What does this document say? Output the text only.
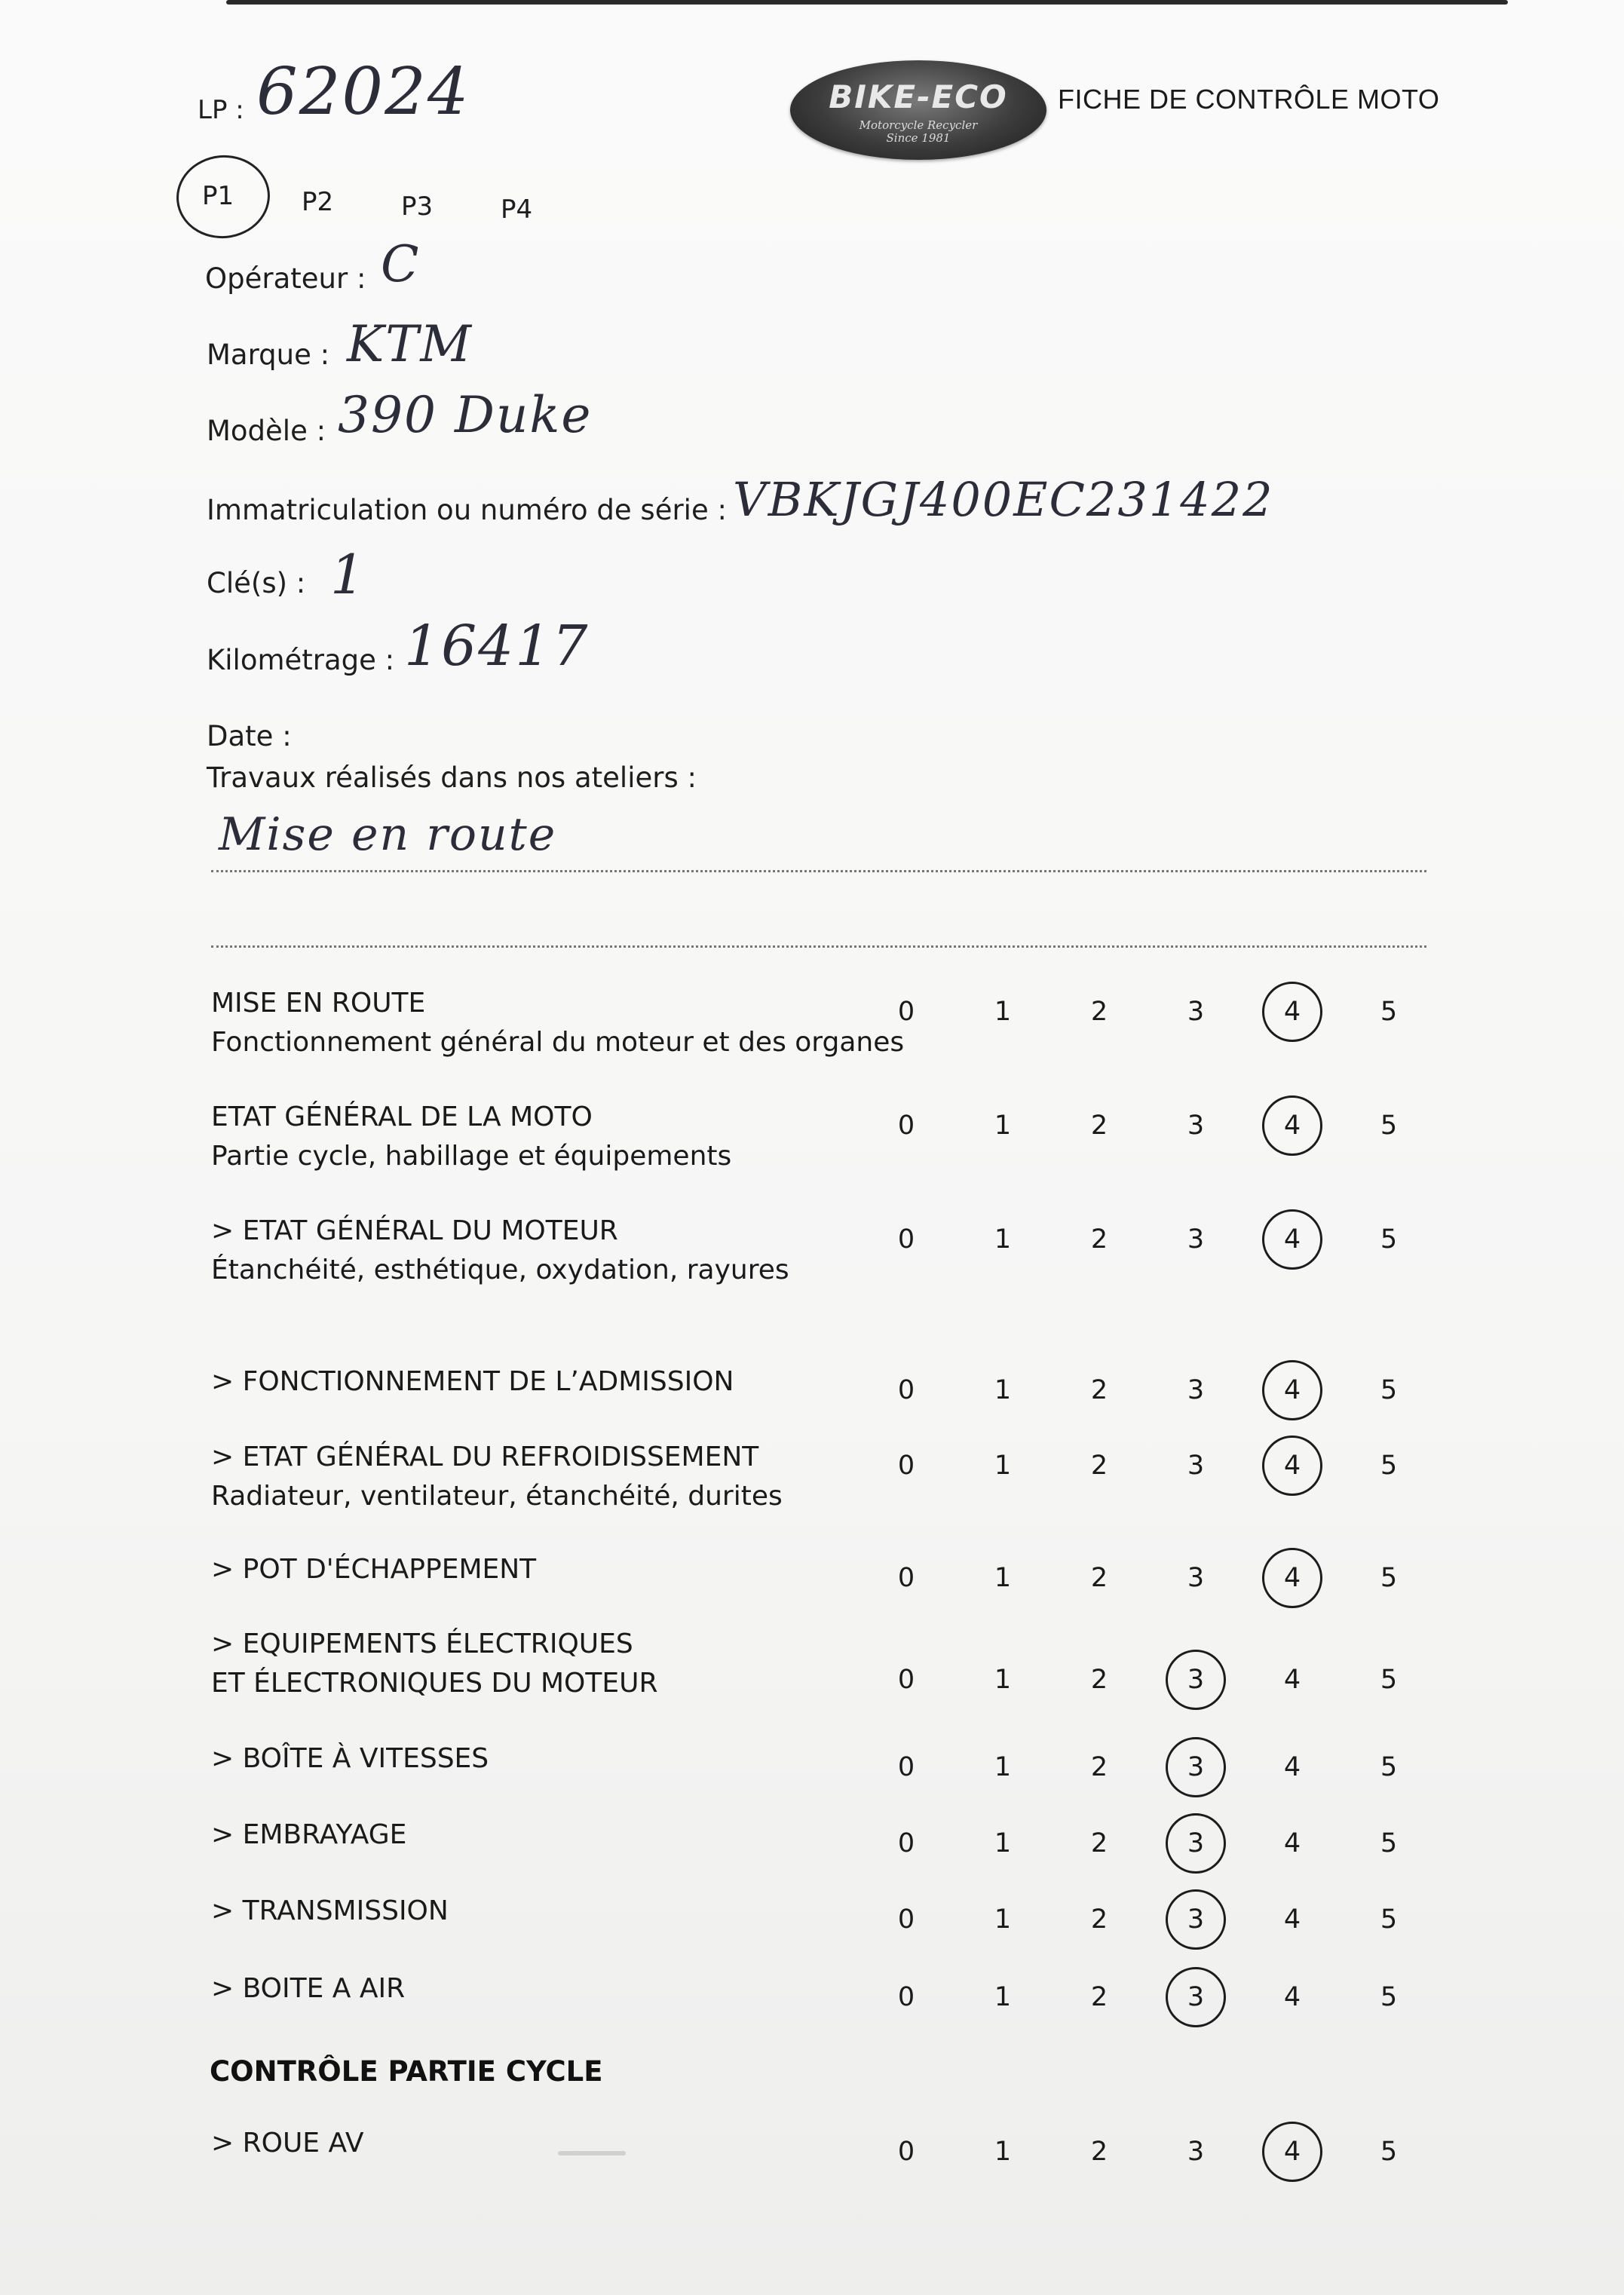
LP : 62024	BIKE-ECO
Motorcycle Recycler
Since 1981
FICHE DE CONTRÔLE MOTO
P1	P2	P3	P4
Opérateur : C
Marque : KTM
Modèle : 390 Duke
Immatriculation ou numéro de série : VBKJGJ400EC231422
Clé(s) : 1
Kilométrage : 16417
Date :
Travaux réalisés dans nos ateliers :
Mise en route
MISE EN ROUTE
Fonctionnement général du moteur et des organes
0	1	2	3	4	5
ETAT GÉNÉRAL DE LA MOTO
Partie cycle, habillage et équipements
0	1	2	3	4	5
> ETAT GÉNÉRAL DU MOTEUR
Étanchéité, esthétique, oxydation, rayures
0	1	2	3	4	5
> FONCTIONNEMENT DE L’ADMISSION	0	1	2	3	4	5
> ETAT GÉNÉRAL DU REFROIDISSEMENT
Radiateur, ventilateur, étanchéité, durites
0	1	2	3	4	5
> POT D'ÉCHAPPEMENT	0	1	2	3	4	5
> EQUIPEMENTS ÉLECTRIQUES
ET ÉLECTRONIQUES DU MOTEUR	0	1	2	3	4	5
> BOÎTE À VITESSES	0	1	2	3	4	5
> EMBRAYAGE	0	1	2	3	4	5
> TRANSMISSION	0	1	2	3	4	5
> BOITE A AIR	0	1	2	3	4	5
> ROUE AV	0	1	2	3	4	5
CONTRÔLE PARTIE CYCLE
